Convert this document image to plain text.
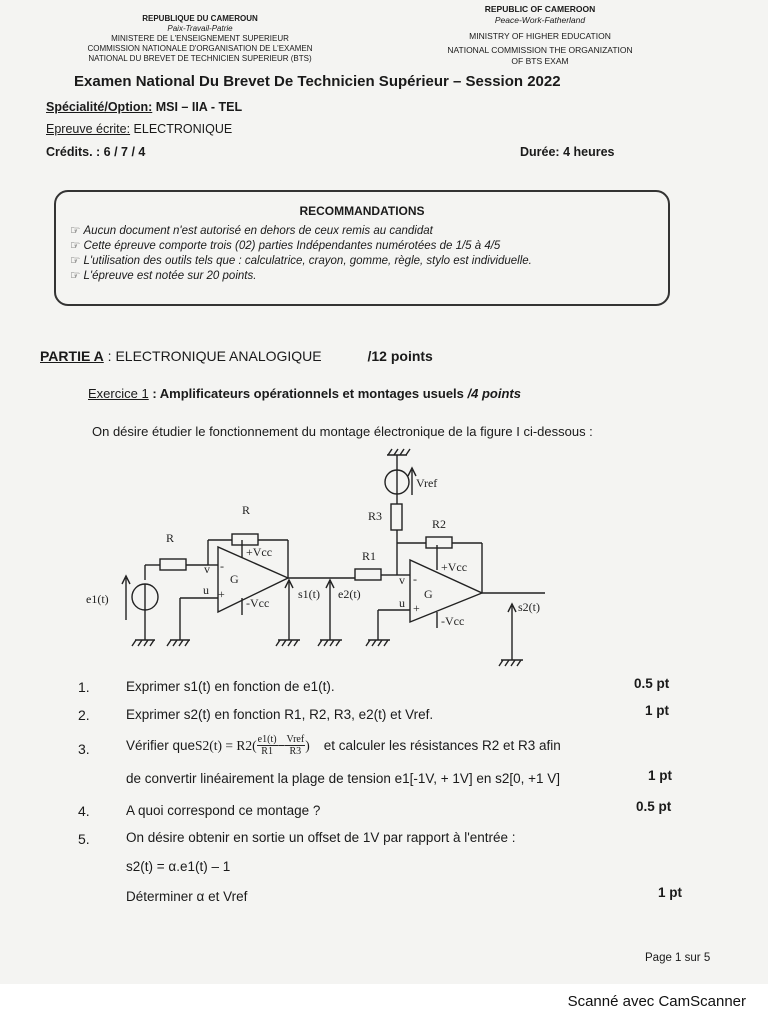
REPUBLIQUE DU CAMEROUN
Paix-Travail-Patrie
MINISTERE DE L'ENSEIGNEMENT SUPERIEUR
COMMISSION NATIONALE D'ORGANISATION DE L'EXAMEN
NATIONAL DU BREVET DE TECHNICIEN SUPERIEUR (BTS)
REPUBLIC OF CAMEROON
Peace-Work-Fatherland
MINISTRY OF HIGHER EDUCATION
NATIONAL COMMISSION THE ORGANIZATION
OF BTS EXAM
Examen National Du Brevet De Technicien Supérieur – Session 2022
Spécialité/Option: MSI – IIA - TEL
Epreuve écrite: ELECTRONIQUE
Crédits. : 6 / 7 / 4	Durée: 4 heures
RECOMMANDATIONS
☞ Aucun document n'est autorisé en dehors de ceux remis au candidat
☞ Cette épreuve comporte trois (02) parties Indépendantes numérotées de 1/5 à 4/5
☞ L'utilisation des outils tels que : calculatrice, crayon, gomme, règle, stylo est individuelle.
☞ L'épreuve est notée sur 20 points.
PARTIE A : ELECTRONIQUE ANALOGIQUE	/12 points
Exercice 1 : Amplificateurs opérationnels et montages usuels /4 points
On désire étudier le fonctionnement du montage électronique de la figure I ci-dessous :
R
R
e1(t)
v
u
-
+
G
+Vcc
-Vcc
s1(t) e2(t)
R1
Vref
R3
R2
v
u
-
+
G
+Vcc
-Vcc
s2(t)
1.	Exprimer s1(t) en fonction de e1(t).	0.5 pt
2.	Exprimer s2(t) en fonction R1, R2, R3, e2(t) et Vref.	1 pt
3.	Vérifier que $S2(t) = R2( \frac{e1(t)}{R1}$ − Vref
R3 ) et calculer les résistances R2 et R3 afin
de convertir linéairement la plage de tension e1[-1V, + 1V] en s2[0, +1 V]	1 pt
4.	A quoi correspond ce montage ?	0.5 pt
5.	On désire obtenir en sortie un offset de 1V par rapport à l'entrée :
s2(t) = α.e1(t) – 1
Déterminer α et Vref	1 pt
Page 1 sur 5
Scanné avec CamScanner
